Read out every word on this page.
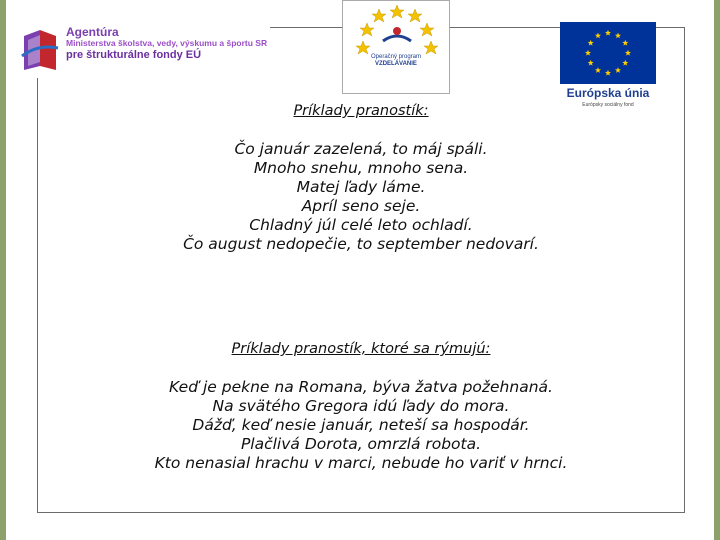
Agentúra
Ministerstva školstva, vedy, výskumu a športu SR
pre štrukturálne fondy EÚ	Operačný program
VZDELÁVANIE
Európska únia
Európsky sociálny fond
Príklady pranostík:
Čo január zazelená, to máj spáli.
Mnoho snehu, mnoho sena.
Matej ľady láme.
Apríl seno seje.
Chladný júl celé leto ochladí.
Čo august nedopečie, to september nedovarí.
Príklady pranostík, ktoré sa rýmujú:
Keď je pekne na Romana, býva žatva požehnaná.
Na svätého Gregora idú ľady do mora.
Dážď, keď nesie január, neteší sa hospodár.
Plačlivá Dorota, omrzlá robota.
Kto nenasial hrachu v marci, nebude ho variť v hrnci.
